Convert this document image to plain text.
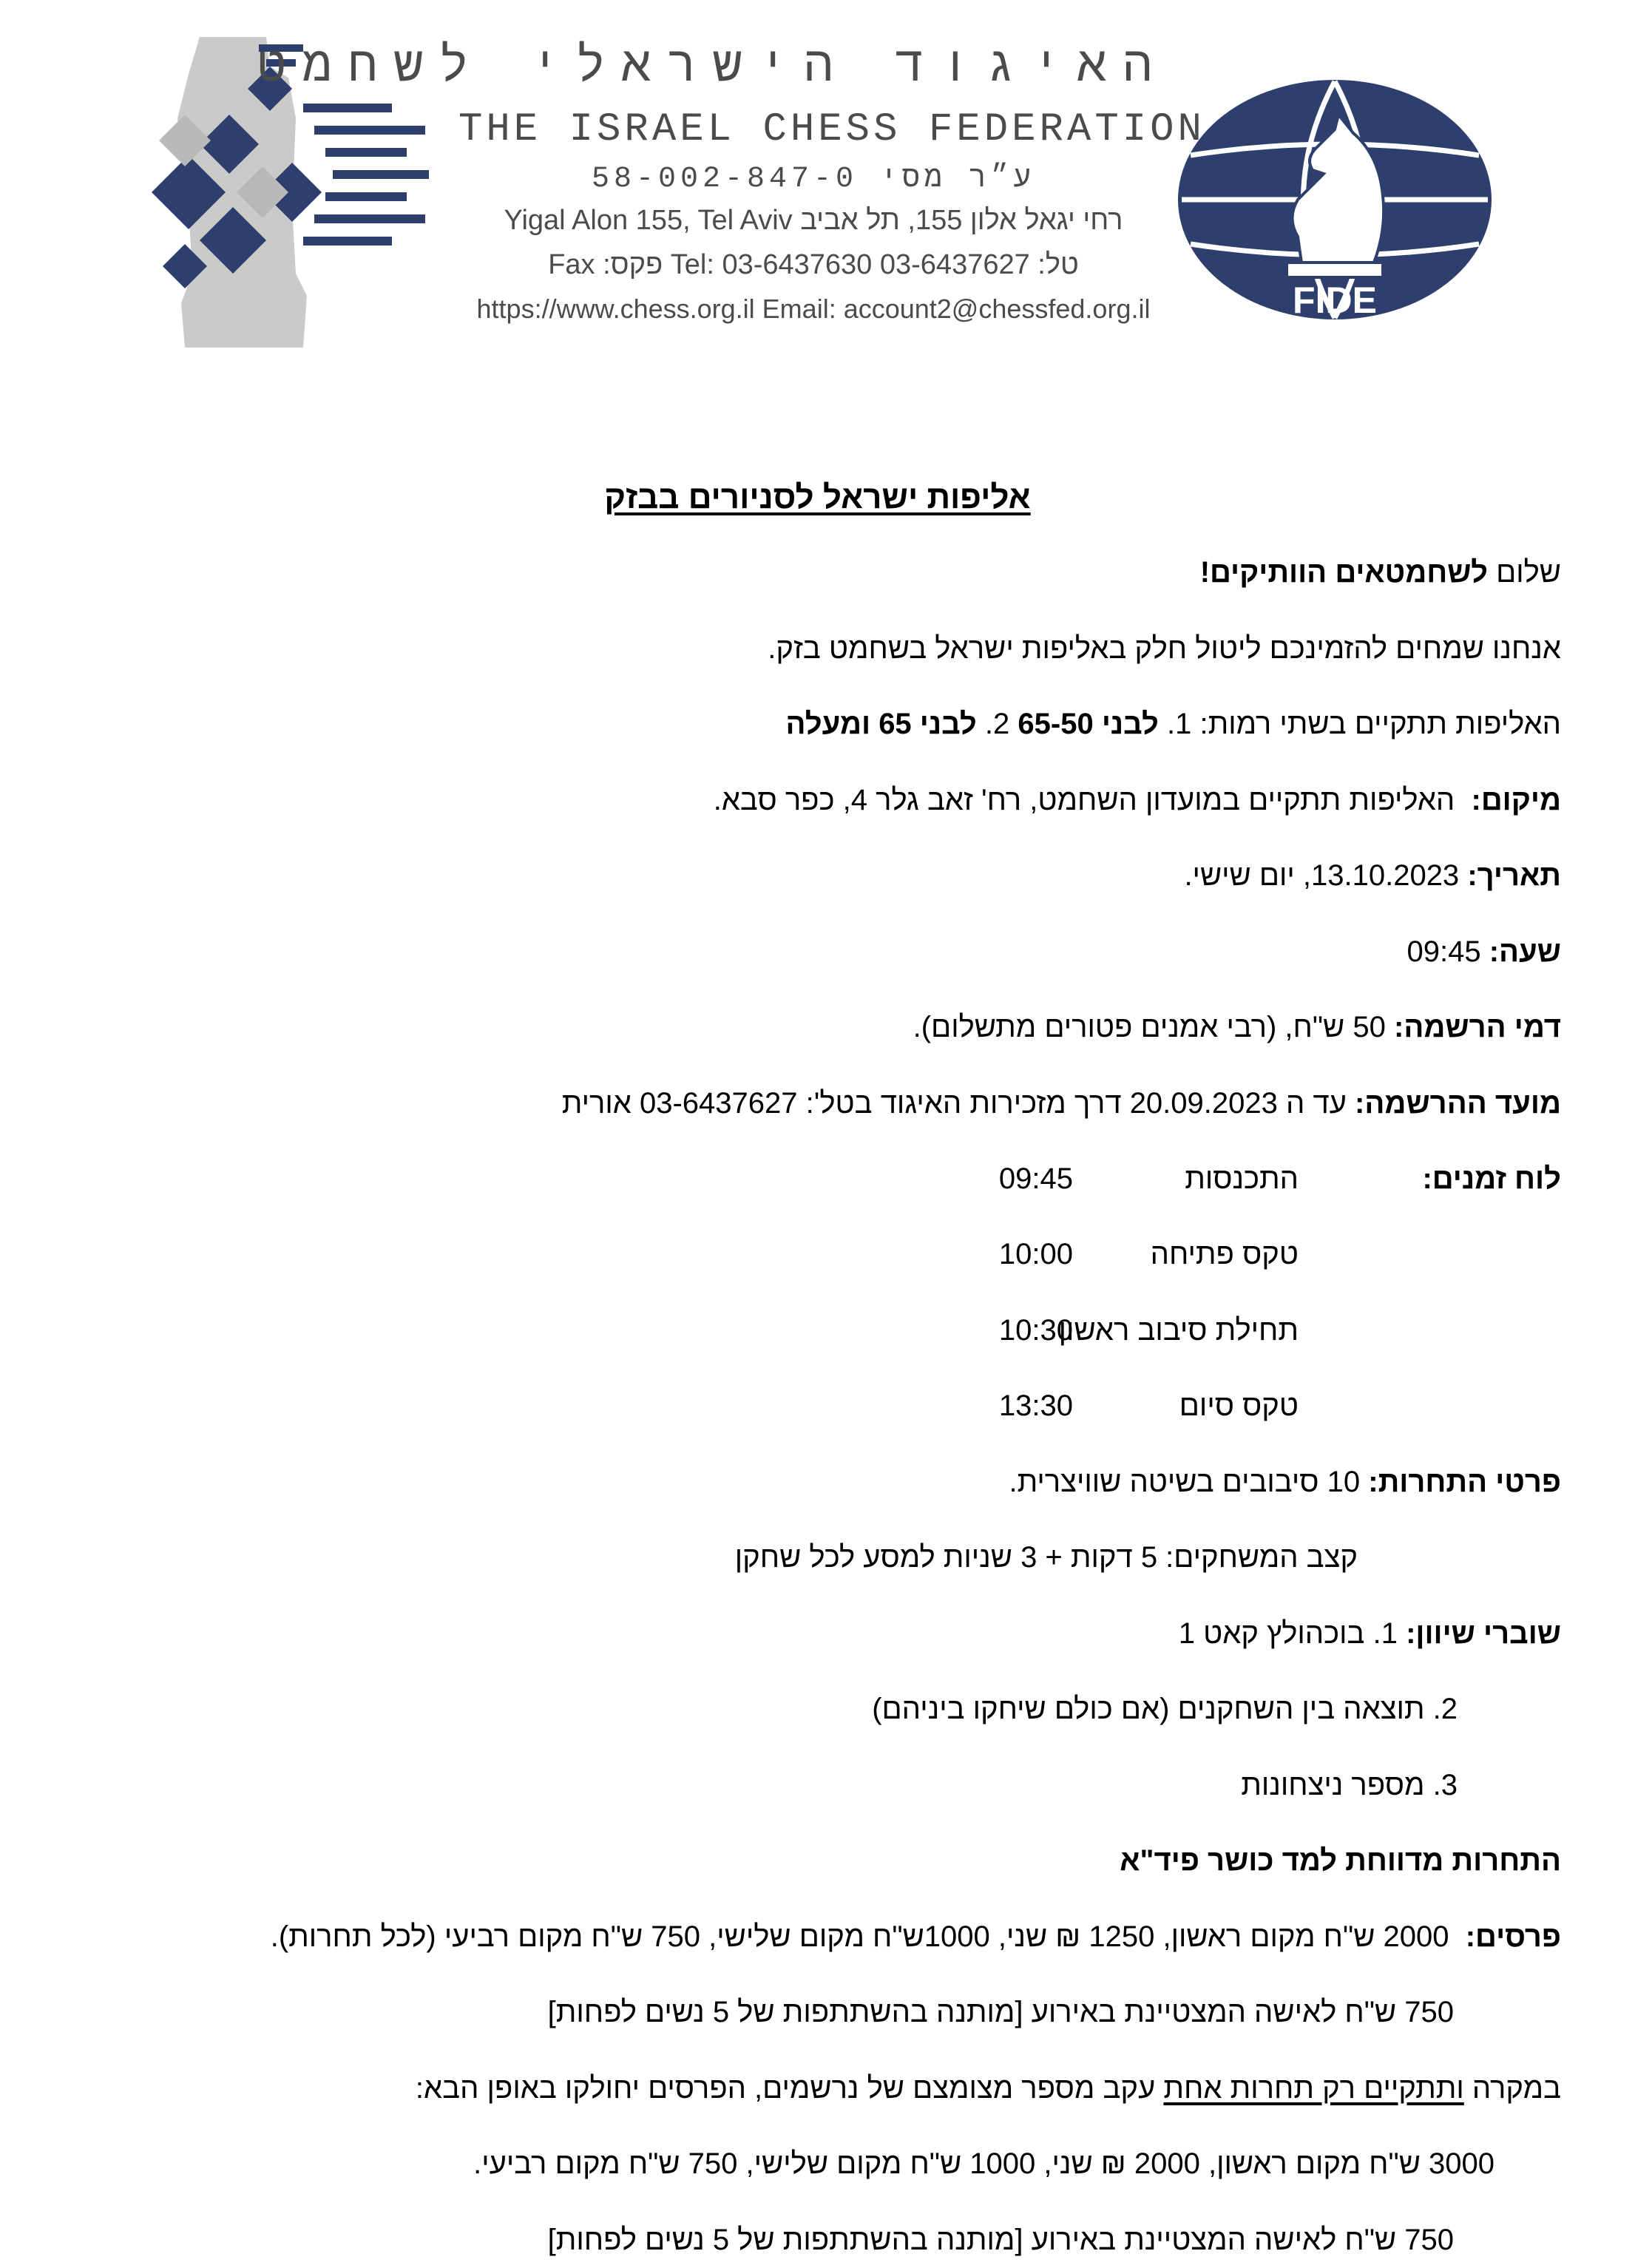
האיגוד הישראלי לשחמט
THE ISRAEL CHESS FEDERATION
ע״ר מסי 58-002-847-0
רחי יגאל אלון 155, תל אביב Yigal Alon 155, Tel Aviv
טל: 03-6437627 Tel: 03-6437630 פקס: Fax
https://www.chess.org.il Email: account2@chessfed.org.il	FIDE
אליפות ישראל לסניורים בבזק
שלום לשחמטאים הוותיקים!
אנחנו שמחים להזמינכם ליטול חלק באליפות ישראל בשחמט בזק.
האליפות תתקיים בשתי רמות: 1. לבני 65-50 2. לבני 65 ומעלה
מיקום:  האליפות תתקיים במועדון השחמט, רח' זאב גלר 4, כפר סבא.
תאריך: 13.10.2023, יום שישי.
שעה: 09:45
דמי הרשמה: 50 ש"ח, (רבי אמנים פטורים מתשלום).
מועד ההרשמה: עד ה 20.09.2023 דרך מזכירות האיגוד בטל': 03-6437627 אורית
לוח זמנים:
התכנסות
09:45
טקס פתיחה
10:00
תחילת סיבוב ראשון
10:30
טקס סיום
13:30
פרטי התחרות: 10 סיבובים בשיטה שוויצרית.
קצב המשחקים: 5 דקות + 3 שניות למסע לכל שחקן
שוברי שיוון: 1. בוכהולץ קאט 1
2. תוצאה בין השחקנים (אם כולם שיחקו ביניהם)
3. מספר ניצחונות
התחרות מדווחת למד כושר פיד"א
פרסים:  2000 ש"ח מקום ראשון, 1250 ₪ שני, 1000ש"ח מקום שלישי, 750 ש"ח מקום רביעי (לכל תחרות).
750 ש"ח לאישה המצטיינת באירוע [מותנה בהשתתפות של 5 נשים לפחות]
במקרה ותתקיים רק תחרות אחת עקב מספר מצומצם של נרשמים, הפרסים יחולקו באופן הבא:
3000 ש"ח מקום ראשון, 2000 ₪ שני, 1000 ש"ח מקום שלישי, 750 ש"ח מקום רביעי.
750 ש"ח לאישה המצטיינת באירוע [מותנה בהשתתפות של 5 נשים לפחות]
